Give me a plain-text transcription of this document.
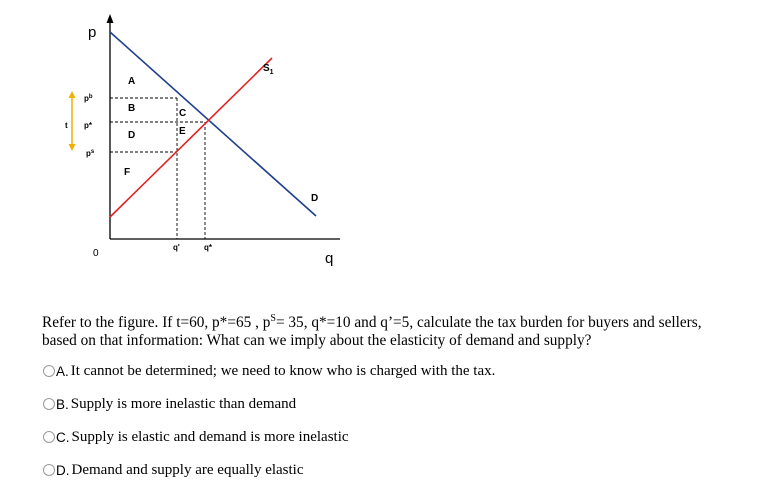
p
q
0
$p^b$
p*
$p^s$
t
A
B	C
D	E
F
$S_1$
D
q'	q*

Refer to the figure. If t=60, p*=65 , $p^S= 35$, q*=10 and q’=5, calculate the tax burden for buyers and sellers,
based on that information: What can we imply about the elasticity of demand and supply?

A. It cannot be determined; we need to know who is charged with the tax.
B. Supply is more inelastic than demand
C. Supply is elastic and demand is more inelastic
D. Demand and supply are equally elastic
